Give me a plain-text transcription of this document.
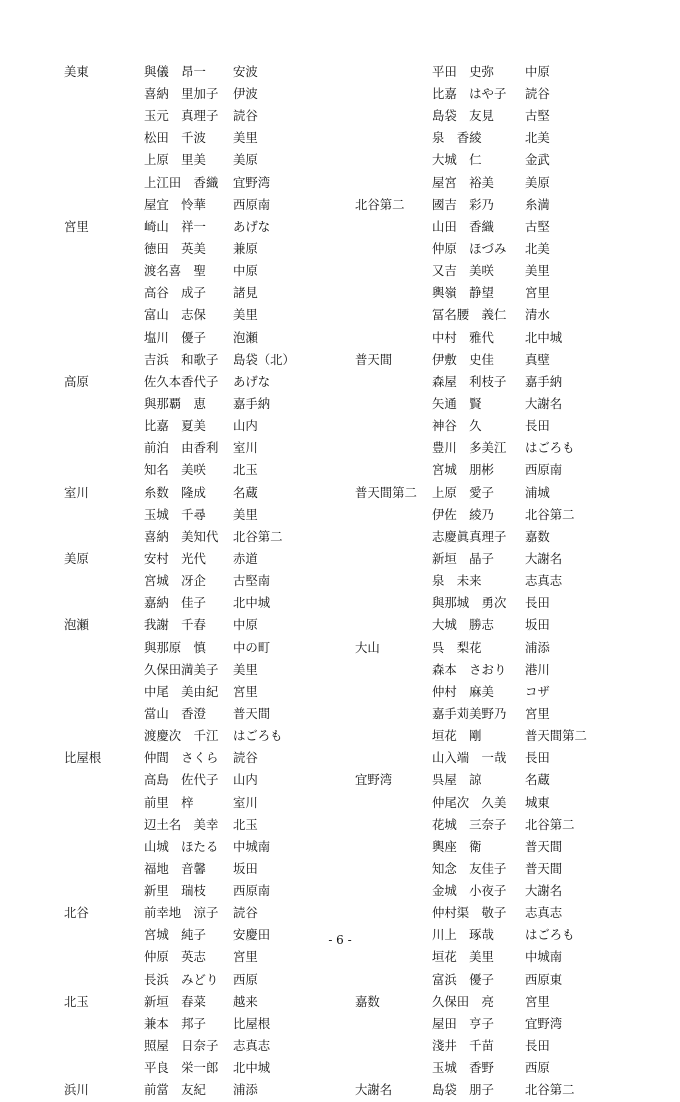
美東	與儀　昂一	安波
喜納　里加子	伊波
玉元　真理子	読谷
松田　千波	美里
上原　里美	美原
上江田　香織	宜野湾
屋宜　怜華	西原南
宮里	崎山　祥一	あげな
徳田　英美	兼原
渡名喜　聖	中原
高谷　成子	諸見
富山　志保	美里
塩川　優子	泡瀬
吉浜　和歌子	島袋（北）
高原	佐久本香代子	あげな
與那覇　恵	嘉手納
比嘉　夏美	山内
前泊　由香利	室川
知名　美咲	北玉
室川	糸数　隆成	名蔵
玉城　千尋	美里
喜納　美知代	北谷第二
美原	安村　光代	赤道
宮城　冴企	古堅南
嘉納　佳子	北中城
泡瀬	我謝　千春	中原
與那原　慎	中の町
久保田満美子	美里
中尾　美由紀	宮里
當山　香澄	普天間
渡慶次　千江	はごろも
比屋根	仲間　さくら	読谷
高島　佐代子	山内
前里　梓	室川
辺土名　美幸	北玉
山城　ほたる	中城南
福地　音馨	坂田
新里　瑞枝	西原南
北谷	前幸地　涼子	読谷
宮城　純子	安慶田
仲原　英志	宮里
長浜　みどり	西原
北玉	新垣　春菜	越来
兼本　邦子	比屋根
照屋　日奈子	志真志
平良　栄一郎	北中城
浜川	前當　友紀	浦添
平田　史弥	中原
比嘉　はや子	読谷
島袋　友見	古堅
泉　香綾	北美
大城　仁	金武
屋宮　裕美	美原
北谷第二	國吉　彩乃	糸満
山田　香織	古堅
仲原　ほづみ	北美
又吉　美咲	美里
輿嶺　静望	宮里
冨名腰　義仁	清水
中村　雅代	北中城
普天間	伊敷　史佳	真壁
森屋　利枝子	嘉手納
矢通　賢	大謝名
神谷　久	長田
豊川　多美江	はごろも
宮城　朋彬	西原南
普天間第二	上原　愛子	浦城
伊佐　綾乃	北谷第二
志慶眞真理子	嘉数
新垣　晶子	大謝名
泉　未来	志真志
與那城　勇次	長田
大城　勝志	坂田
大山	呉　梨花	浦添
森本　さおり	港川
仲村　麻美	コザ
嘉手苅美野乃	宮里
垣花　剛	普天間第二
山入端　一哉	長田
宜野湾	呉屋　諒	名蔵
仲尾次　久美	城東
花城　三奈子	北谷第二
輿座　衛	普天間
知念　友佳子	普天間
金城　小夜子	大謝名
仲村渠　敬子	志真志
川上　琢哉	はごろも
垣花　美里	中城南
富浜　優子	西原東
嘉数	久保田　亮	宮里
屋田　亨子	宜野湾
淺井　千苗	長田
玉城　香野	西原
大謝名	島袋　朋子	北谷第二
- 6 -
